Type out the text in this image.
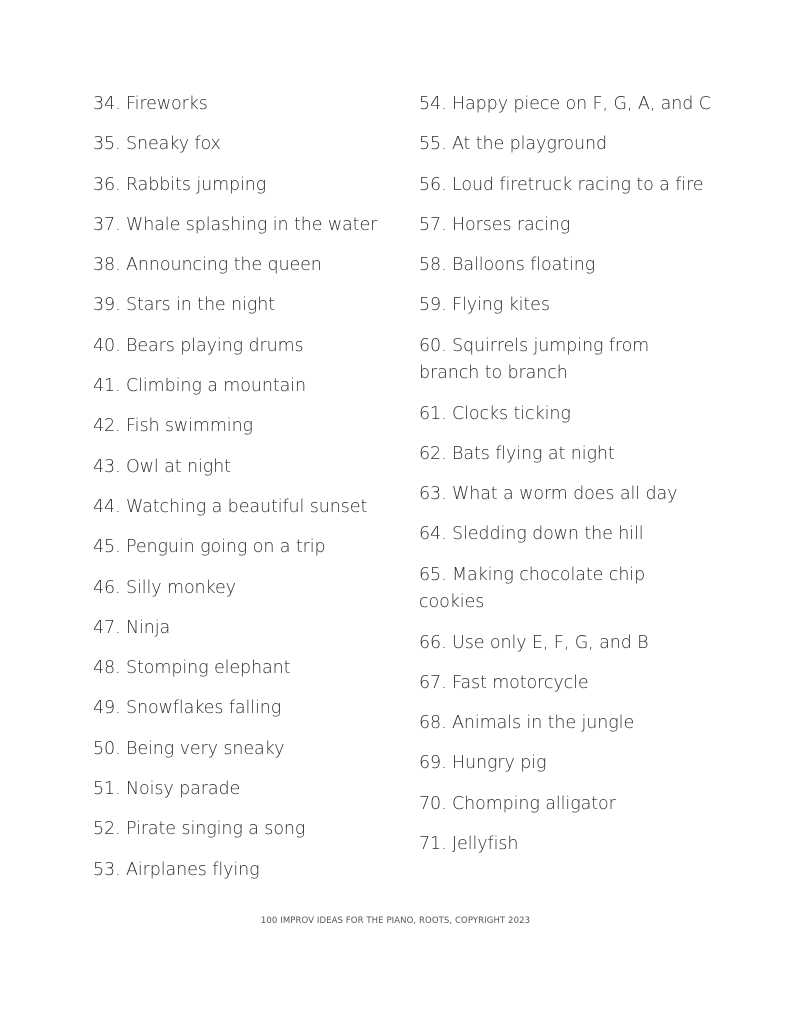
34. Fireworks
35. Sneaky fox
36. Rabbits jumping
37. Whale splashing in the water
38. Announcing the queen
39. Stars in the night
40. Bears playing drums
41. Climbing a mountain
42. Fish swimming
43. Owl at night
44. Watching a beautiful sunset
45. Penguin going on a trip
46. Silly monkey
47. Ninja
48. Stomping elephant
49. Snowflakes falling
50. Being very sneaky
51. Noisy parade
52. Pirate singing a song
53. Airplanes flying
54. Happy piece on F, G, A, and C
55. At the playground
56. Loud firetruck racing to a fire
57. Horses racing
58. Balloons floating
59. Flying kites
60. Squirrels jumping from branch to branch
61. Clocks ticking
62. Bats flying at night
63. What a worm does all day
64. Sledding down the hill
65. Making chocolate chip cookies
66. Use only E, F, G, and B
67. Fast motorcycle
68. Animals in the jungle
69. Hungry pig
70. Chomping alligator
71. Jellyfish
100 IMPROV IDEAS FOR THE PIANO, ROOTS, COPYRIGHT 2023
